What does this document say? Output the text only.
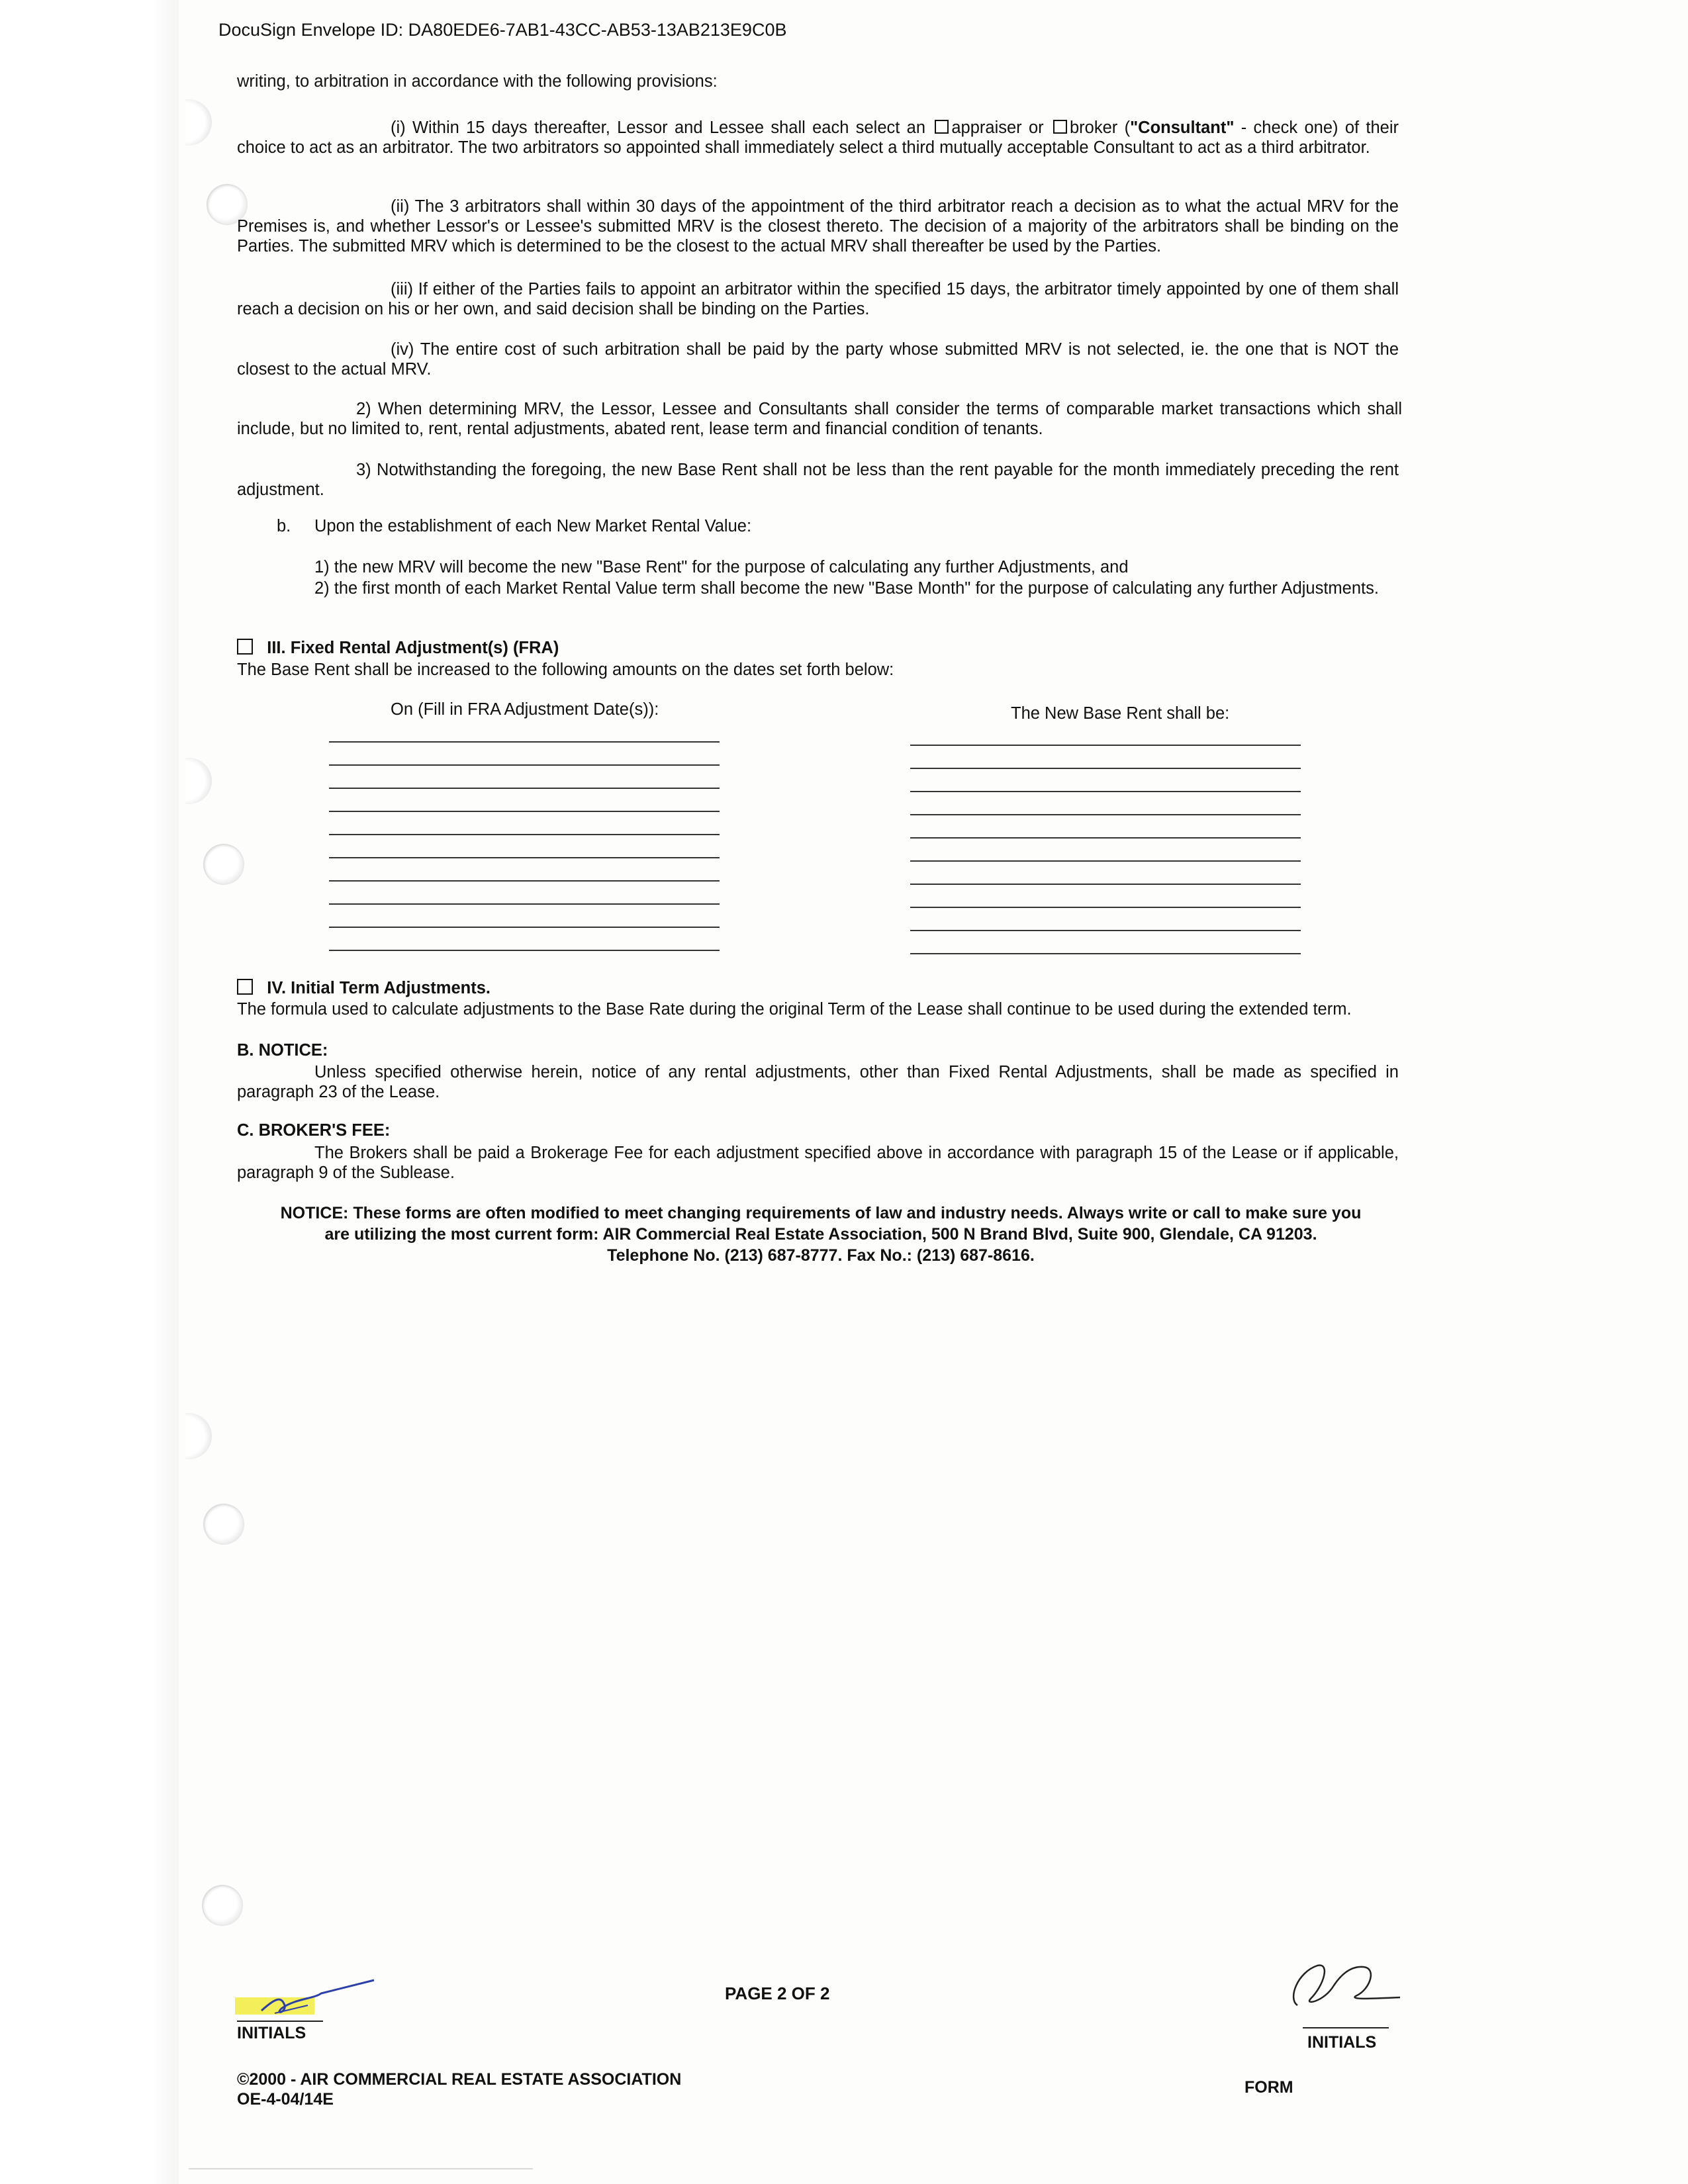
DocuSign Envelope ID: DA80EDE6-7AB1-43CC-AB53-13AB213E9C0B
writing, to arbitration in accordance with the following provisions:
(i) Within 15 days thereafter, Lessor and Lessee shall each select an appraiser or broker ("Consultant" - check one) of their choice to act as an arbitrator. The two arbitrators so appointed shall immediately select a third mutually acceptable Consultant to act as a third arbitrator.
(ii) The 3 arbitrators shall within 30 days of the appointment of the third arbitrator reach a decision as to what the actual MRV for the Premises is, and whether Lessor's or Lessee's submitted MRV is the closest thereto. The decision of a majority of the arbitrators shall be binding on the Parties. The submitted MRV which is determined to be the closest to the actual MRV shall thereafter be used by the Parties.
(iii) If either of the Parties fails to appoint an arbitrator within the specified 15 days, the arbitrator timely appointed by one of them shall reach a decision on his or her own, and said decision shall be binding on the Parties.
(iv) The entire cost of such arbitration shall be paid by the party whose submitted MRV is not selected, ie. the one that is NOT the closest to the actual MRV.
2) When determining MRV, the Lessor, Lessee and Consultants shall consider the terms of comparable market transactions which shall include, but no limited to, rent, rental adjustments, abated rent, lease term and financial condition of tenants.
3) Notwithstanding the foregoing, the new Base Rent shall not be less than the rent payable for the month immediately preceding the rent adjustment.
b.	Upon the establishment of each New Market Rental Value:
1) the new MRV will become the new "Base Rent" for the purpose of calculating any further Adjustments, and
2) the first month of each Market Rental Value term shall become the new "Base Month" for the purpose of calculating any further Adjustments.
III. Fixed Rental Adjustment(s) (FRA)
The Base Rent shall be increased to the following amounts on the dates set forth below:
On (Fill in FRA Adjustment Date(s)):	The New Base Rent shall be:
IV. Initial Term Adjustments.
The formula used to calculate adjustments to the Base Rate during the original Term of the Lease shall continue to be used during the extended term.
B. NOTICE:
Unless specified otherwise herein, notice of any rental adjustments, other than Fixed Rental Adjustments, shall be made as specified in paragraph 23 of the Lease.
C. BROKER'S FEE:
The Brokers shall be paid a Brokerage Fee for each adjustment specified above in accordance with paragraph 15 of the Lease or if applicable, paragraph 9 of the Sublease.
NOTICE: These forms are often modified to meet changing requirements of law and industry needs. Always write or call to make sure you
are utilizing the most current form: AIR Commercial Real Estate Association, 500 N Brand Blvd, Suite 900, Glendale, CA 91203.
Telephone No. (213) 687-8777. Fax No.: (213) 687-8616.
INITIALS
PAGE 2 OF 2
INITIALS
©2000 - AIR COMMERCIAL REAL ESTATE ASSOCIATION
OE-4-04/14E
FORM
